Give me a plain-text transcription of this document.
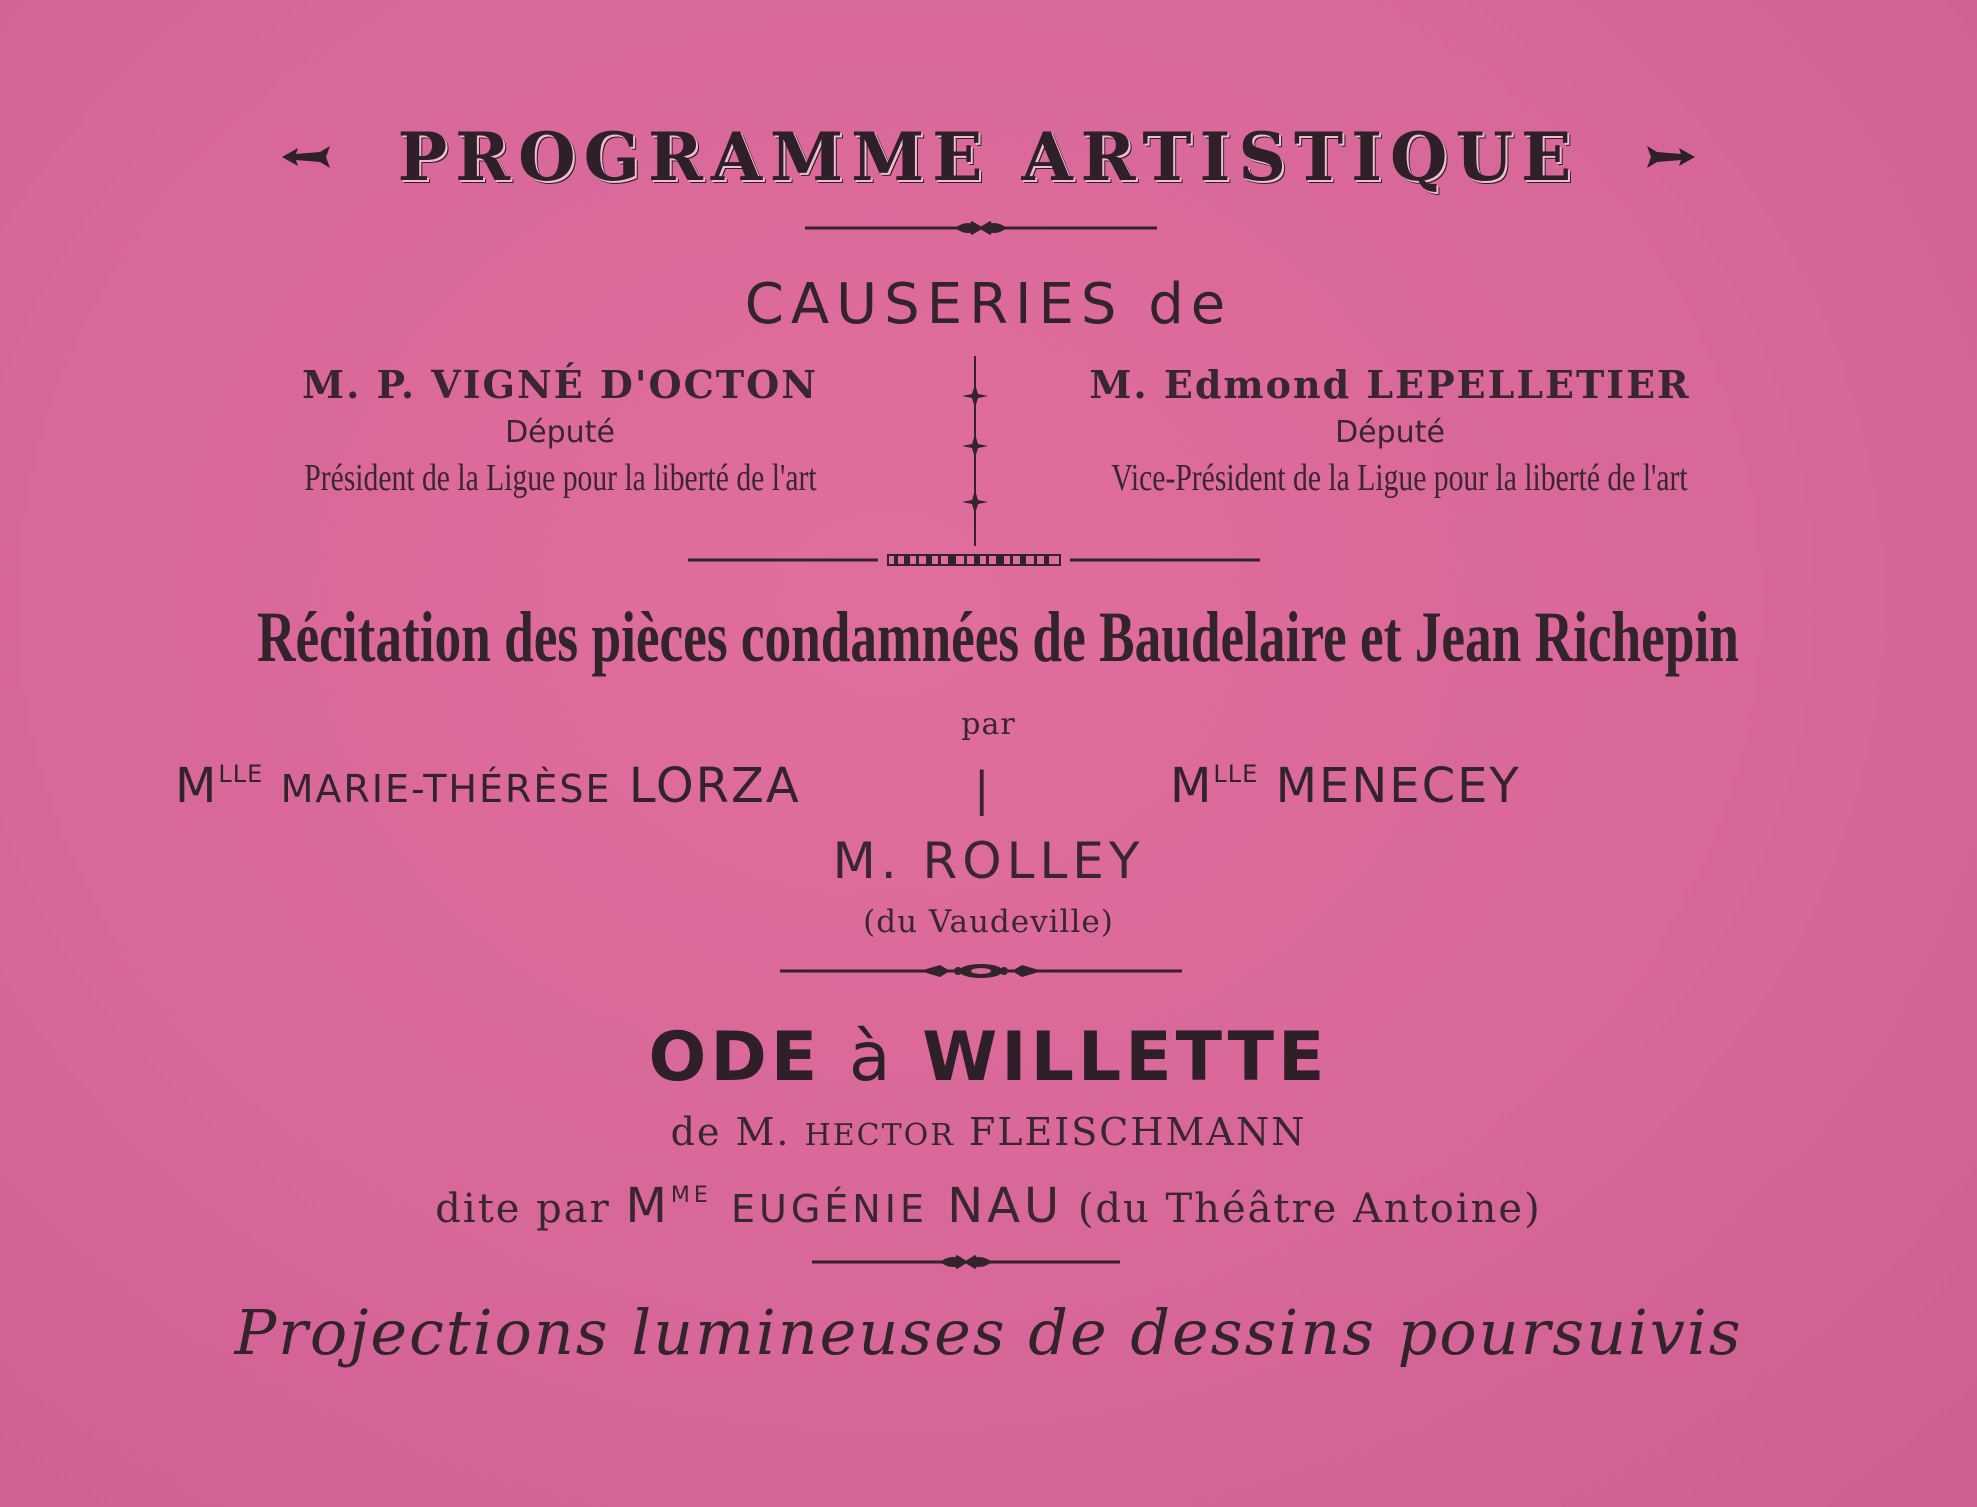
PROGRAMME ARTISTIQUE
CAUSERIES de
M. P. VIGNÉ D'OCTON
Député
Président de la Ligue pour la liberté de l'art
M. Edmond LEPELLETIER
Député
Vice-Président de la Ligue pour la liberté de l'art
Récitation des pièces condamnées de Baudelaire et Jean Richepin
par
$M^{LLE}$ MARIE-THÉRÈSE LORZA	|	$M^{LLE}$ MENECEY
M. ROLLEY
(du Vaudeville)
ODE à WILLETTE
de M. HECTOR FLEISCHMANN
dite par $M^{ME}$ EUGÉNIE NAU (du Théâtre Antoine)
Projections lumineuses de dessins poursuivis
